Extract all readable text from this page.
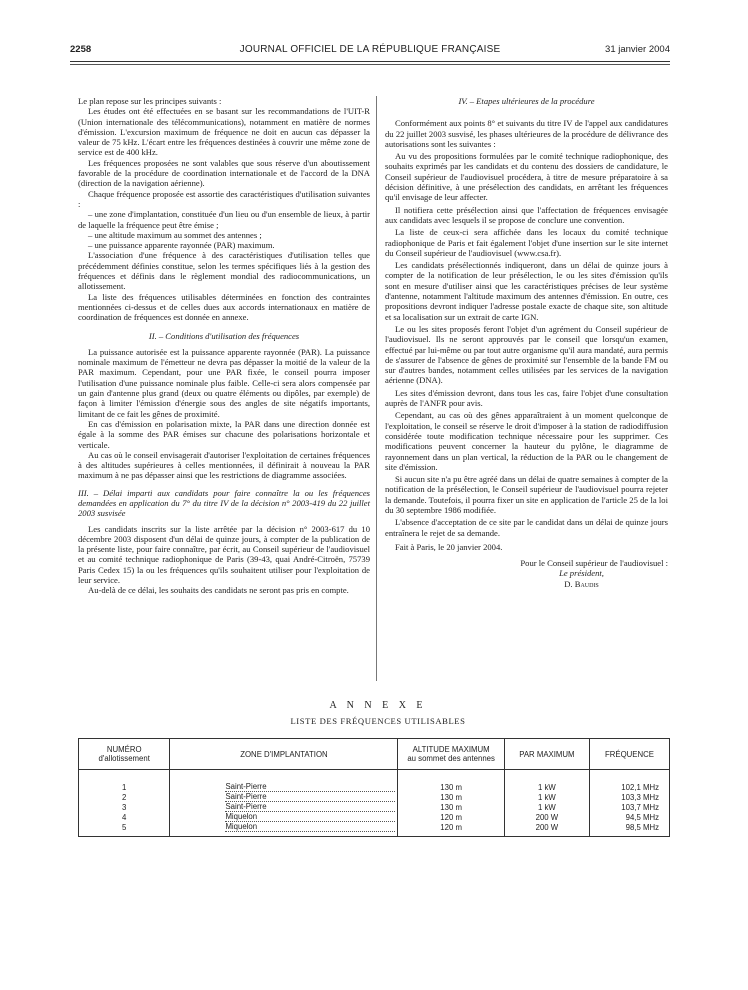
2258	JOURNAL OFFICIEL DE LA RÉPUBLIQUE FRANÇAISE	31 janvier 2004

Le plan repose sur les principes suivants :

Les études ont été effectuées en se basant sur les recommandations de l'UIT-R (Union internationale des télécommunications), notamment en matière de normes d'émission. L'excursion maximum de fréquence ne doit en aucun cas dépasser la valeur de 75 kHz. L'écart entre les fréquences destinées à couvrir une même zone de service est de 400 kHz.

Les fréquences proposées ne sont valables que sous réserve d'un aboutissement favorable de la procédure de coordination internationale et de l'accord de la DNA (direction de la navigation aérienne).

Chaque fréquence proposée est assortie des caractéristiques d'utilisation suivantes :

– une zone d'implantation, constituée d'un lieu ou d'un ensemble de lieux, à partir de laquelle la fréquence peut être émise ;

– une altitude maximum au sommet des antennes ;

– une puissance apparente rayonnée (PAR) maximum.

L'association d'une fréquence à des caractéristiques d'utilisation telles que précédemment définies constitue, selon les termes spécifiques liés à la gestion des fréquences et définis dans le règlement mondial des radiocommunications, un allotissement.

La liste des fréquences utilisables déterminées en fonction des contraintes mentionnées ci-dessus et de celles dues aux accords internationaux en matière de coordination de fréquences est donnée en annexe.

II. – Conditions d'utilisation des fréquences

La puissance autorisée est la puissance apparente rayonnée (PAR). La puissance nominale maximum de l'émetteur ne devra pas dépasser la moitié de la valeur de la PAR maximum. Cependant, pour une PAR fixée, le conseil pourra imposer l'utilisation d'une puissance nominale plus faible. Celle-ci sera alors compensée par un gain d'antenne plus grand (deux ou quatre éléments ou dipôles, par exemple) de façon à limiter l'émission d'énergie sous des angles de site négatifs importants, limitant de ce fait les gênes de proximité.

En cas d'émission en polarisation mixte, la PAR dans une direction donnée est égale à la somme des PAR émises sur chacune des polarisations horizontale et verticale.

Au cas où le conseil envisagerait d'autoriser l'exploitation de certaines fréquences à des altitudes supérieures à celles mentionnées, il définirait à nouveau la PAR maximum à ne pas dépasser ainsi que les restrictions de diagramme associées.

III. – Délai imparti aux candidats pour faire connaître la ou les fréquences demandées en application du 7° du titre IV de la décision n° 2003-419 du 22 juillet 2003 susvisée

Les candidats inscrits sur la liste arrêtée par la décision n° 2003-617 du 10 décembre 2003 disposent d'un délai de quinze jours, à compter de la publication de la présente liste, pour faire connaître, par écrit, au Conseil supérieur de l'audiovisuel et au comité technique radiophonique de Paris (39-43, quai André-Citroën, 75739 Paris Cedex 15) la ou les fréquences qu'ils souhaitent utiliser pour l'exploitation de leur service.

Au-delà de ce délai, les souhaits des candidats ne seront pas pris en compte.

IV. – Etapes ultérieures de la procédure

Conformément aux points 8° et suivants du titre IV de l'appel aux candidatures du 22 juillet 2003 susvisé, les phases ultérieures de la procédure de délivrance des autorisations sont les suivantes :

Au vu des propositions formulées par le comité technique radiophonique, des souhaits exprimés par les candidats et du contenu des dossiers de candidature, le Conseil supérieur de l'audiovisuel procédera, à titre de mesure préparatoire à sa décision définitive, à une présélection des candidats, en arrêtant les fréquences qu'il envisage de leur affecter.

Il notifiera cette présélection ainsi que l'affectation de fréquences envisagée aux candidats avec lesquels il se propose de conclure une convention.

La liste de ceux-ci sera affichée dans les locaux du comité technique radiophonique de Paris et fait également l'objet d'une insertion sur le site internet du Conseil supérieur de l'audiovisuel (www.csa.fr).

Les candidats présélectionnés indiqueront, dans un délai de quinze jours à compter de la notification de leur présélection, le ou les sites d'émission qu'ils sont en mesure d'utiliser ainsi que les caractéristiques précises de leur système d'antenne, notamment l'altitude maximum des antennes d'émission. En outre, ces propositions devront indiquer l'adresse postale exacte de chaque site, son altitude et sa localisation sur un extrait de carte IGN.

Le ou les sites proposés feront l'objet d'un agrément du Conseil supérieur de l'audiovisuel. Ils ne seront approuvés par le conseil que lorsqu'un examen, effectué par lui-même ou par tout autre organisme qu'il aura mandaté, aura permis de s'assurer de l'absence de gênes de proximité sur l'ensemble de la bande FM ou sur d'autres bandes, notamment celles utilisées par les services de la navigation aérienne (DNA).

Les sites d'émission devront, dans tous les cas, faire l'objet d'une consultation auprès de l'ANFR pour avis.

Cependant, au cas où des gênes apparaîtraient à un moment quelconque de l'exploitation, le conseil se réserve le droit d'imposer à la station de radiodiffusion considérée toute modification technique nécessaire pour les supprimer. Ces modifications peuvent concerner la hauteur du pylône, le diagramme de rayonnement dans un plan vertical, la réduction de la PAR ou le changement de site d'émission.

Si aucun site n'a pu être agréé dans un délai de quatre semaines à compter de la notification de la présélection, le Conseil supérieur de l'audiovisuel pourra rejeter la demande. Toutefois, il pourra fixer un site en application de l'article 25 de la loi du 30 septembre 1986 modifiée.

L'absence d'acceptation de ce site par le candidat dans un délai de quinze jours entraînera le rejet de sa demande.

Fait à Paris, le 20 janvier 2004.

Pour le Conseil supérieur de l'audiovisuel :

Le président,

D. Baudis

A N N E X E
LISTE DES FRÉQUENCES UTILISABLES
NUMÉRO
d'allotissement	ZONE D'IMPLANTATION	ALTITUDE MAXIMUM
au sommet des antennes	PAR MAXIMUM	FRÉQUENCE
1	Saint-Pierre	130 m	1 kW	102,1 MHz
2	Saint-Pierre	130 m	1 kW	103,3 MHz
3	Saint-Pierre	130 m	1 kW	103,7 MHz
4	Miquelon	120 m	200 W	94,5 MHz
5	Miquelon	120 m	200 W	98,5 MHz
